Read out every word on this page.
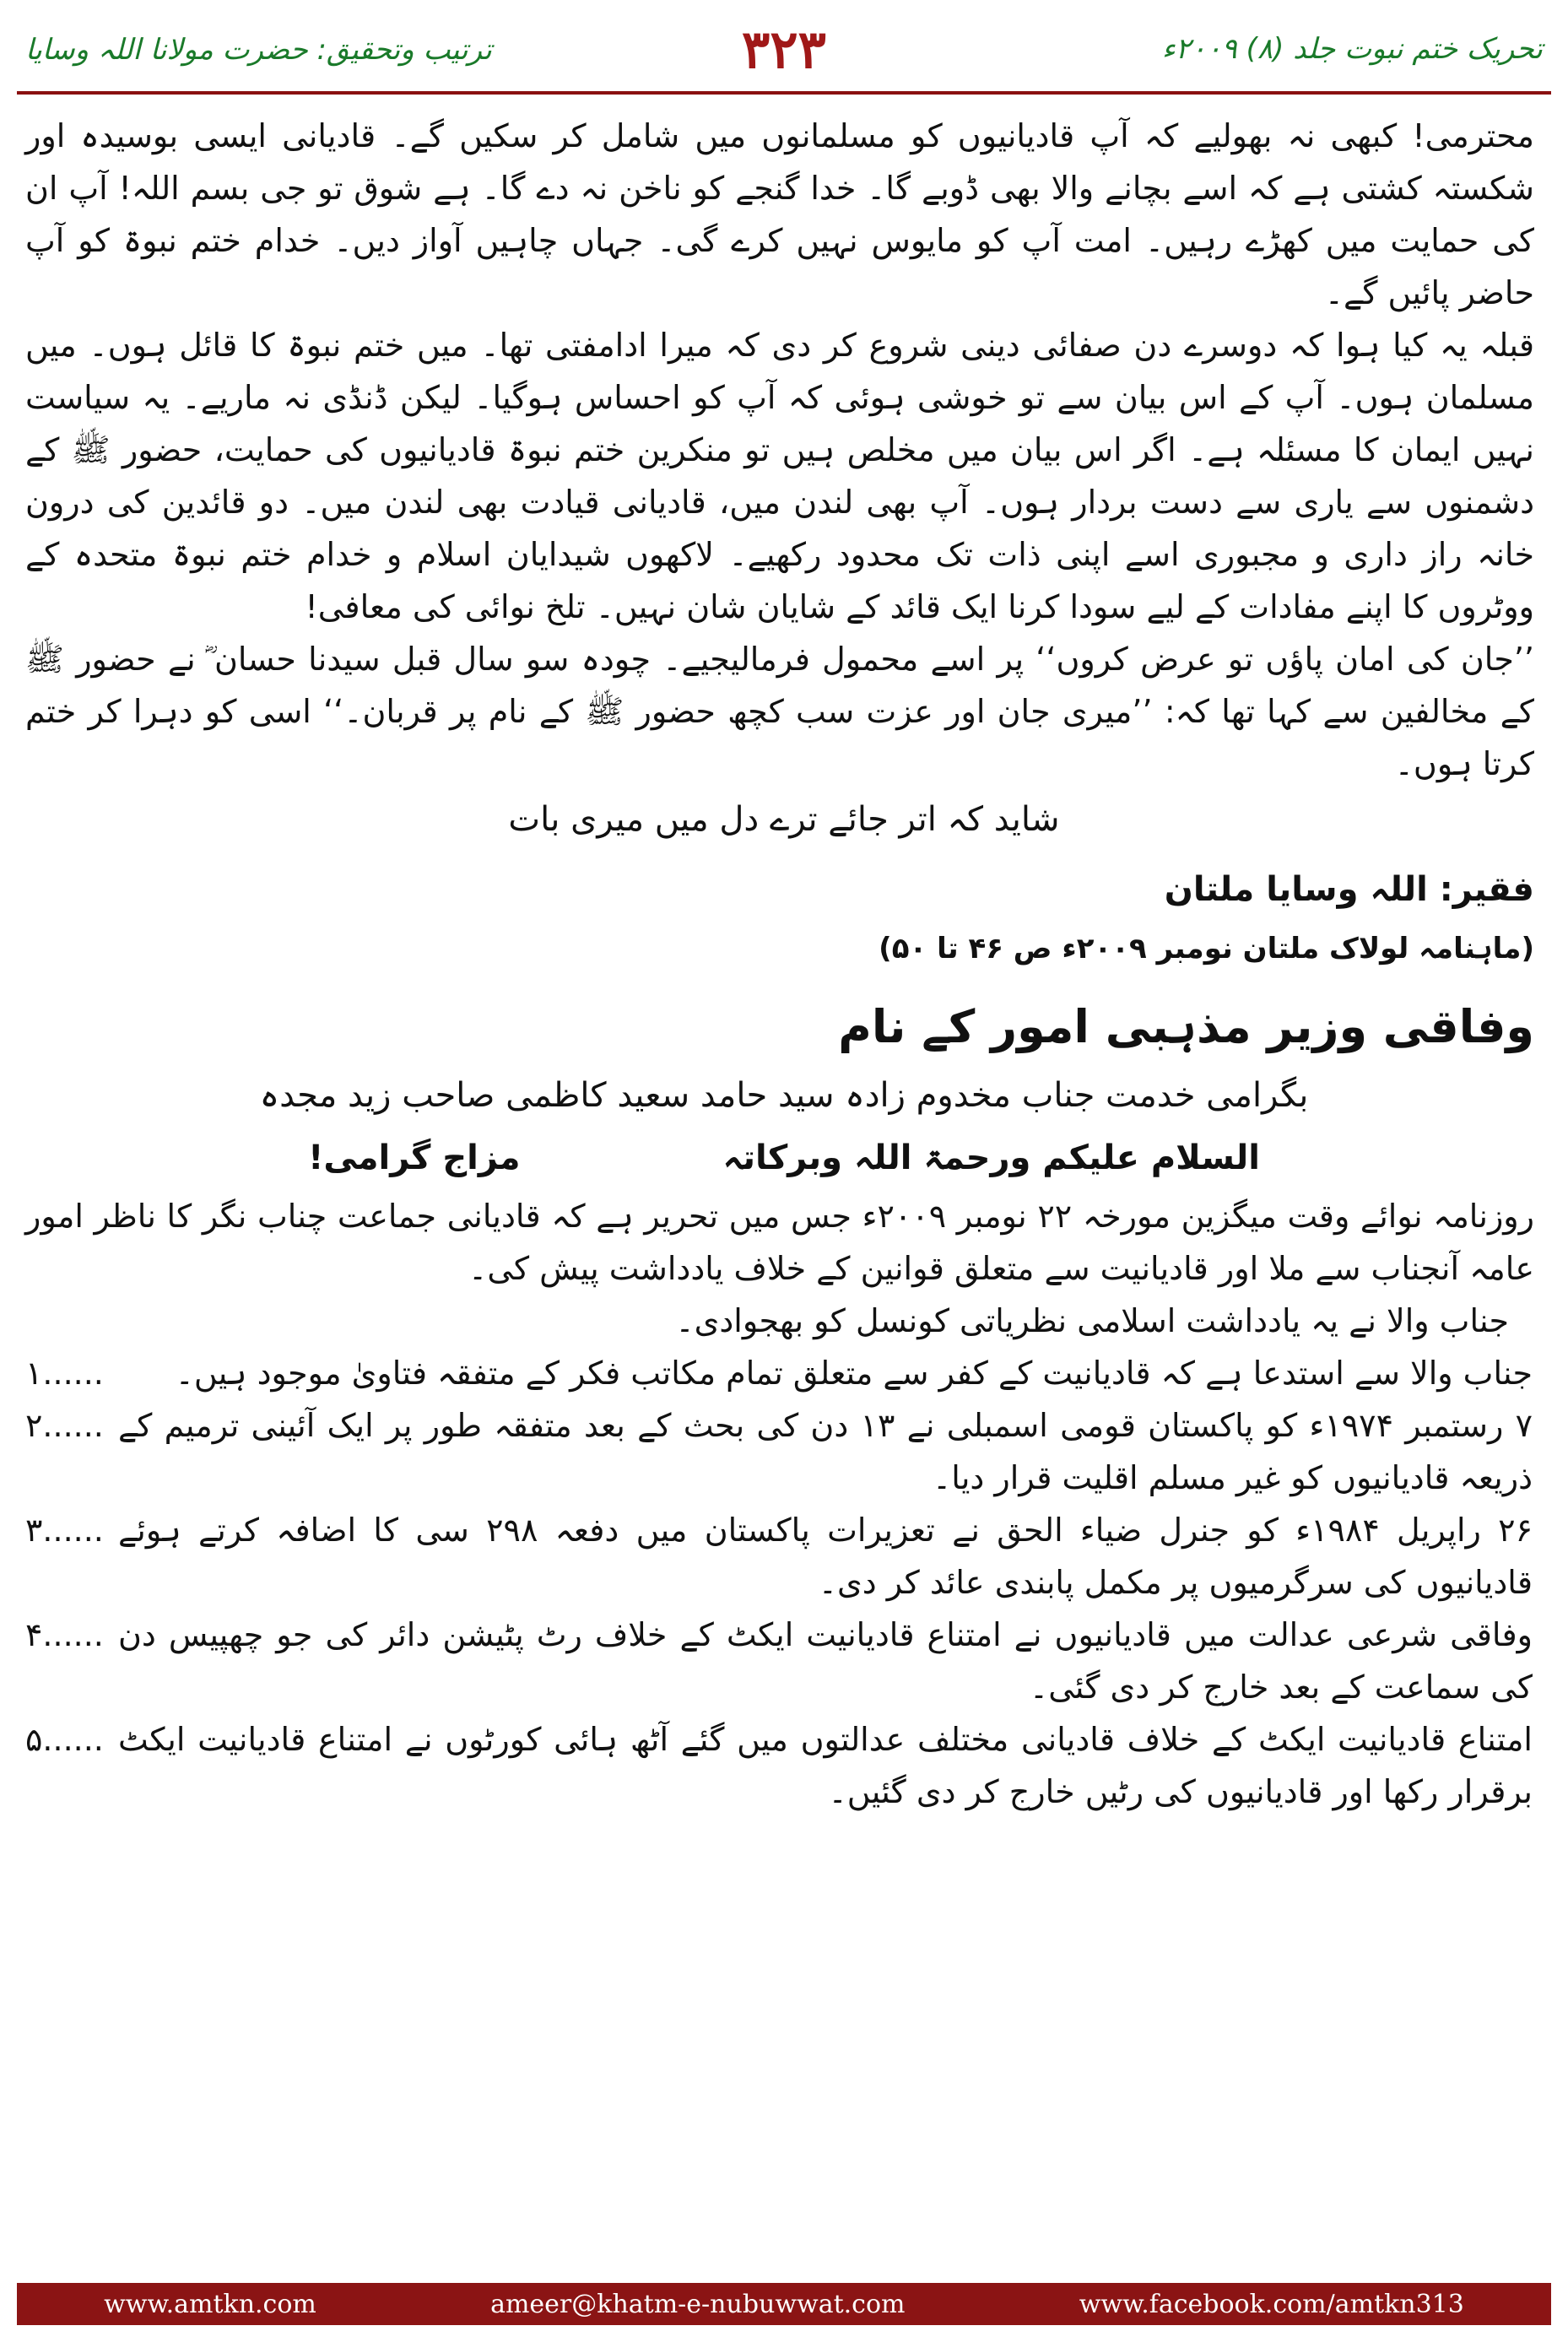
تحریک ختم نبوت جلد (۸) ۲۰۰۹ء
۳۲۳
ترتیب وتحقیق: حضرت مولانا اللہ وسایا

محترمی! کبھی نہ بھولیے کہ آپ قادیانیوں کو مسلمانوں میں شامل کر سکیں گے۔ قادیانی ایسی بوسیدہ اور شکستہ کشتی ہے کہ اسے بچانے والا بھی ڈوبے گا۔ خدا گنجے کو ناخن نہ دے گا۔ ہے شوق تو جی بسم اللہ! آپ ان کی حمایت میں کھڑے رہیں۔ امت آپ کو مایوس نہیں کرے گی۔ جہاں چاہیں آواز دیں۔ خدام ختم نبوۃ کو آپ حاضر پائیں گے۔

قبلہ یہ کیا ہوا کہ دوسرے دن صفائی دینی شروع کر دی کہ میرا ادامفتی تھا۔ میں ختم نبوۃ کا قائل ہوں۔ میں مسلمان ہوں۔ آپ کے اس بیان سے تو خوشی ہوئی کہ آپ کو احساس ہوگیا۔ لیکن ڈنڈی نہ ماریے۔ یہ سیاست نہیں ایمان کا مسئلہ ہے۔ اگر اس بیان میں مخلص ہیں تو منکرین ختم نبوۃ قادیانیوں کی حمایت، حضور ﷺ کے دشمنوں سے یاری سے دست بردار ہوں۔ آپ بھی لندن میں، قادیانی قیادت بھی لندن میں۔ دو قائدین کی درون خانہ راز داری و مجبوری اسے اپنی ذات تک محدود رکھیے۔ لاکھوں شیدایان اسلام و خدام ختم نبوۃ متحدہ کے ووٹروں کا اپنے مفادات کے لیے سودا کرنا ایک قائد کے شایان شان نہیں۔ تلخ نوائی کی معافی!

’’جان کی امان پاؤں تو عرض کروں‘‘ پر اسے محمول فرمالیجیے۔ چودہ سو سال قبل سیدنا حسان ؓ نے حضور ﷺ کے مخالفین سے کہا تھا کہ: ’’میری جان اور عزت سب کچھ حضور ﷺ کے نام پر قربان۔‘‘ اسی کو دہرا کر ختم کرتا ہوں۔

شاید کہ اتر جائے ترے دل میں میری بات

فقیر: اللہ وسایا ملتان

(ماہنامہ لولاک ملتان نومبر ۲۰۰۹ء ص ۴۶ تا ۵۰)

وفاقی وزیر مذہبی امور کے نام

بگرامی خدمت جناب مخدوم زادہ سید حامد سعید کاظمی صاحب زید مجدہ

السلام علیکم ورحمۃ اللہ وبرکاتہ
مزاج گرامی!

روزنامہ نوائے وقت میگزین مورخہ ۲۲ نومبر ۲۰۰۹ء جس میں تحریر ہے کہ قادیانی جماعت چناب نگر کا ناظر امور عامہ آنجناب سے ملا اور قادیانیت سے متعلق قوانین کے خلاف یادداشت پیش کی۔

جناب والا نے یہ یادداشت اسلامی نظریاتی کونسل کو بھجوادی۔

جناب والا سے استدعا ہے کہ قادیانیت کے کفر سے متعلق تمام مکاتب فکر کے متفقہ فتاویٰ موجود ہیں۔
۱......
۷ رستمبر ۱۹۷۴ء کو پاکستان قومی اسمبلی نے ۱۳ دن کی بحث کے بعد متفقہ طور پر ایک آئینی ترمیم کے ذریعہ قادیانیوں کو غیر مسلم اقلیت قرار دیا۔
۲......
۲۶ راپریل ۱۹۸۴ء کو جنرل ضیاء الحق نے تعزیرات پاکستان میں دفعہ ۲۹۸ سی کا اضافہ کرتے ہوئے قادیانیوں کی سرگرمیوں پر مکمل پابندی عائد کر دی۔
۳......
وفاقی شرعی عدالت میں قادیانیوں نے امتناع قادیانیت ایکٹ کے خلاف رٹ پٹیشن دائر کی جو چھپیس دن کی سماعت کے بعد خارج کر دی گئی۔
۴......
امتناع قادیانیت ایکٹ کے خلاف قادیانی مختلف عدالتوں میں گئے آٹھ ہائی کورٹوں نے امتناع قادیانیت ایکٹ برقرار رکھا اور قادیانیوں کی رٹیں خارج کر دی گئیں۔
۵......
www.amtkn.com	ameer@khatm-e-nubuwwat.com	www.facebook.com/amtkn313
